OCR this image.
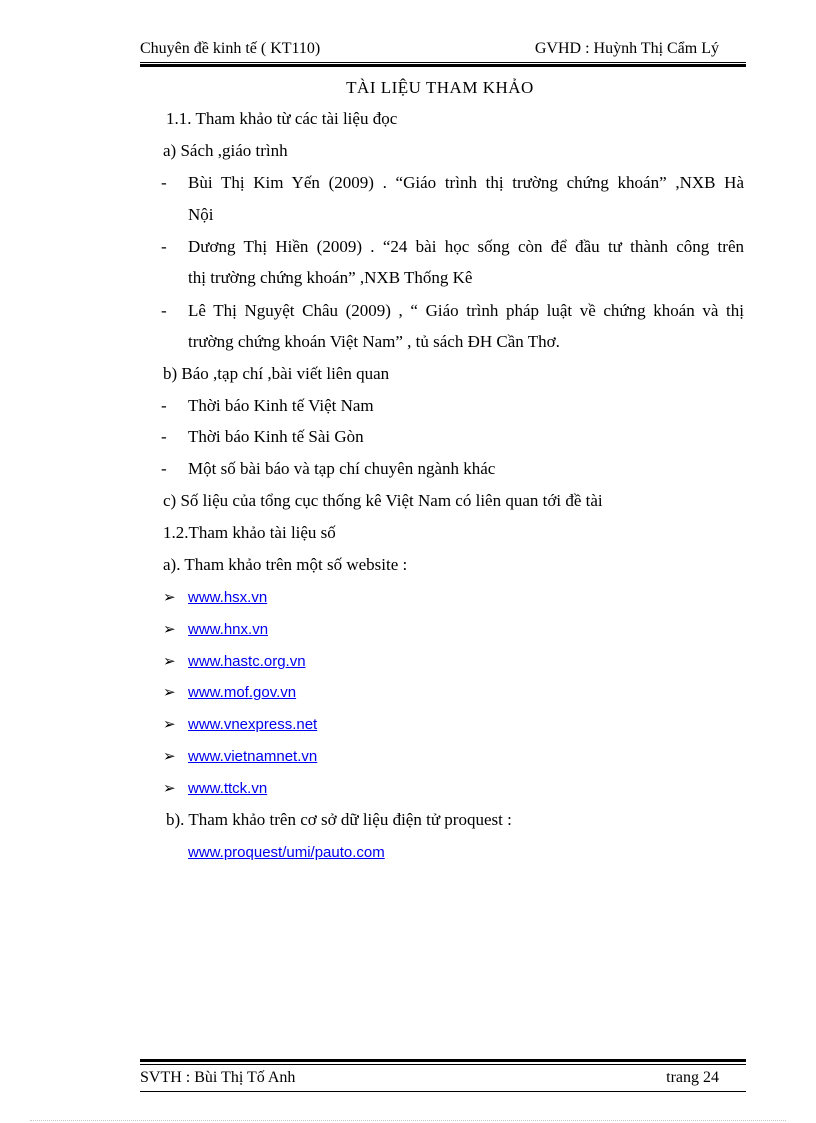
Chuyên đề kinh tế ( KT110)	GVHD : Huỳnh Thị Cẩm Lý
TÀI LIỆU THAM KHẢO
1.1. Tham khảo từ các tài liệu đọc
a) Sách ,giáo trình
- Bùi Thị Kim Yến (2009) . “Giáo trình thị trường chứng khoán” ,NXB Hà
Nội
- Dương Thị Hiền (2009) . “24 bài học sống còn để đầu tư thành công trên
thị trường chứng khoán” ,NXB Thống Kê
- Lê Thị Nguyệt Châu (2009) , “ Giáo trình pháp luật về chứng khoán và thị
trường chứng khoán Việt Nam” , tủ sách ĐH Cần Thơ.
b) Báo ,tạp chí ,bài viết liên quan
- Thời báo Kinh tế Việt Nam
- Thời báo Kinh tế Sài Gòn
- Một số bài báo và tạp chí chuyên ngành khác
c) Số liệu của tổng cục thống kê Việt Nam có liên quan tới đề tài
1.2.Tham khảo tài liệu số
a). Tham khảo trên một số website :
➢ www.hsx.vn
➢ www.hnx.vn
➢ www.hastc.org.vn
➢ www.mof.gov.vn
➢ www.vnexpress.net
➢ www.vietnamnet.vn
➢ www.ttck.vn
b). Tham khảo trên cơ sở dữ liệu điện tử proquest :
www.proquest/umi/pauto.com
SVTH : Bùi Thị Tố Anh	trang 24
